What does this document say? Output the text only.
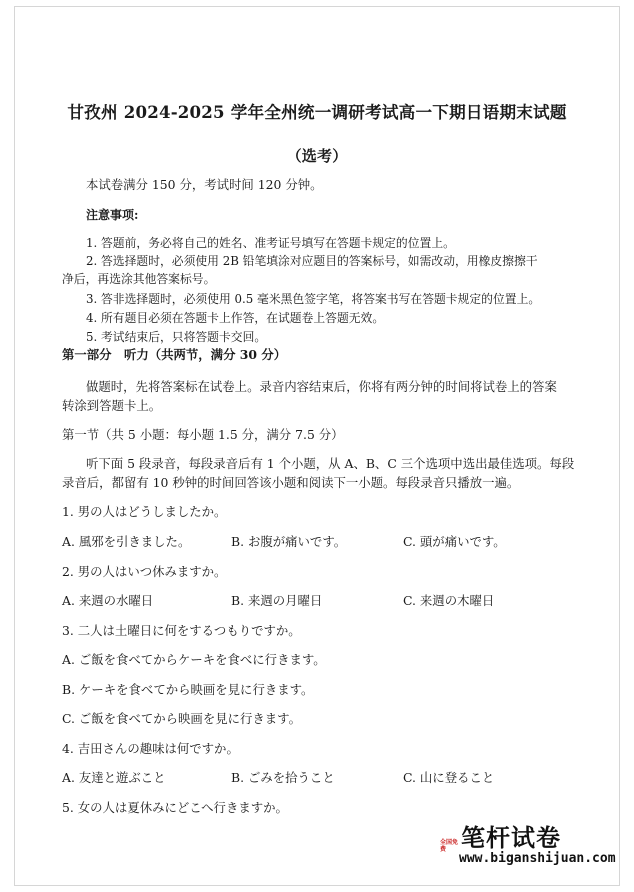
甘孜州 2024-2025 学年全州统一调研考试高一下期日语期末试题
（选考）
本试卷满分 150 分，考试时间 120 分钟。
注意事项:
1. 答题前，务必将自己的姓名、准考证号填写在答题卡规定的位置上。
2. 答选择题时，必须使用 2B 铅笔填涂对应题目的答案标号，如需改动，用橡皮擦擦干
净后，再选涂其他答案标号。
3. 答非选择题时，必须使用 0.5 毫米黑色签字笔，将答案书写在答题卡规定的位置上。
4. 所有题目必须在答题卡上作答，在试题卷上答题无效。
5. 考试结束后，只将答题卡交回。
第一部分　听力（共两节，满分 30 分）
做题时，先将答案标在试卷上。录音内容结束后，你将有两分钟的时间将试卷上的答案
转涂到答题卡上。
第一节（共 5 小题：每小题 1.5 分，满分 7.5 分）
听下面 5 段录音，每段录音后有 1 个小题，从 A、B、C 三个选项中选出最佳选项。每段
录音后，都留有 10 秒钟的时间回答该小题和阅读下一小题。每段录音只播放一遍。
1. 男の人はどうしましたか。
A. 風邪を引きました。	B. お腹が痛いです。	C. 頭が痛いです。
2. 男の人はいつ休みますか。
A. 来週の水曜日	B. 来週の月曜日	C. 来週の木曜日
3. 二人は土曜日に何をするつもりですか。
A. ご飯を食べてからケーキを食べに行きます。
B. ケーキを食べてから映画を見に行きます。
C. ご飯を食べてから映画を見に行きます。
4. 吉田さんの趣味は何ですか。
A. 友達と遊ぶこと	B. ごみを拾うこと	C. 山に登ること
5. 女の人は夏休みにどこへ行きますか。
笔杆试卷
全国免费
www.biganshijuan.com
